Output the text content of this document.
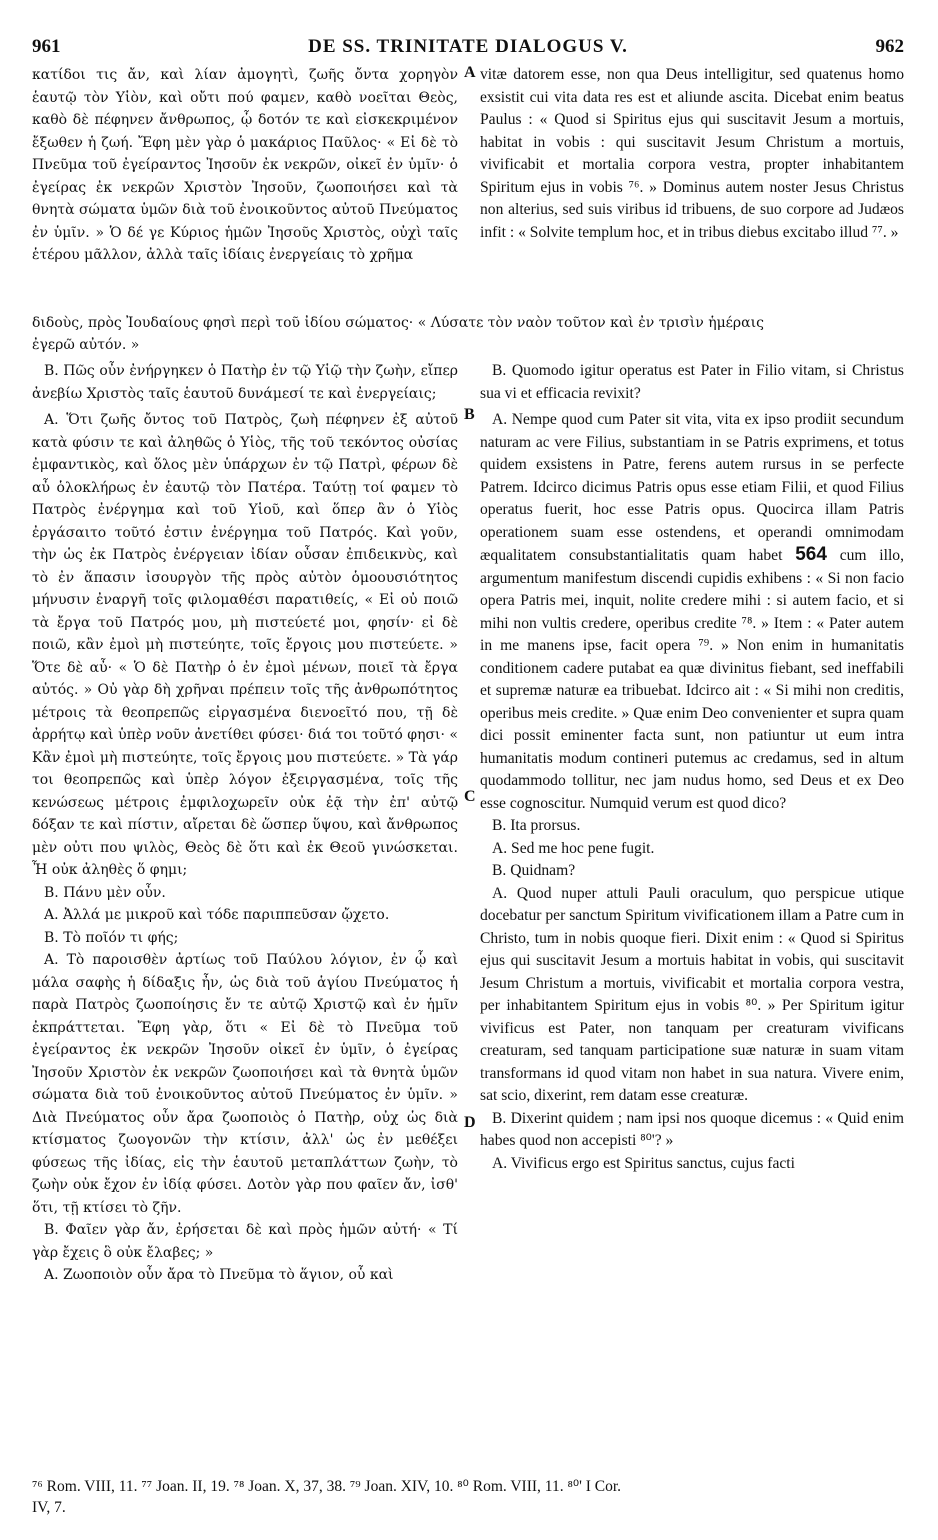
961	DE SS. TRINITATE DIALOGUS V.	962

κατίδοι τις ἄν, καὶ λίαν ἀμογητὶ, ζωῆς ὄντα χορηγὸν ἑαυτῷ τὸν Υἱὸν, καὶ οὔτι πού φαμεν, καθὸ νοεῖται Θεὸς, καθὸ δὲ πέφηνεν ἄνθρωπος, ᾧ δοτόν τε καὶ εἰσκεκριμένον ἔξωθεν ἡ ζωή. Ἔφη μὲν γὰρ ὁ μακάριος Παῦλος· « Εἰ δὲ τὸ Πνεῦμα τοῦ ἐγείραντος Ἰησοῦν ἐκ νεκρῶν, οἰκεῖ ἐν ὑμῖν· ὁ ἐγείρας ἐκ νεκρῶν Χριστὸν Ἰησοῦν, ζωοποιήσει καὶ τὰ θνητὰ σώματα ὑμῶν διὰ τοῦ ἐνοικοῦντος αὐτοῦ Πνεύματος ἐν ὑμῖν. » Ὁ δέ γε Κύριος ἡμῶν Ἰησοῦς Χριστὸς, οὐχὶ ταῖς ἑτέρου μᾶλλον, ἀλλὰ ταῖς ἰδίαις ἐνεργείαις τὸ χρῆμα

A vitæ datorem esse, non qua Deus intelligitur, sed quatenus homo exsistit cui vita data res est et aliunde ascita. Dicebat enim beatus Paulus : « Quod si Spiritus ejus qui suscitavit Jesum a mortuis, habitat in vobis : qui suscitavit Jesum Christum a mortuis, vivificabit et mortalia corpora vestra, propter inhabitantem Spiritum ejus in vobis ⁷⁶. » Dominus autem noster Jesus Christus non alterius, sed suis viribus id tribuens, de suo corpore ad Judæos infit : « Solvite templum hoc, et in tribus diebus excitabo illud ⁷⁷. »

διδοὺς, πρὸς Ἰουδαίους φησὶ περὶ τοῦ ἰδίου σώματος· « Λύσατε τὸν ναὸν τοῦτον καὶ ἐν τρισὶν ἡμέραις
ἐγερῶ αὐτόν. »
B
C
D

B. Πῶς οὖν ἐνήργηκεν ὁ Πατὴρ ἐν τῷ Υἱῷ τὴν ζωὴν, εἴπερ ἀνεβίω Χριστὸς ταῖς ἑαυτοῦ δυνάμεσί τε καὶ ἐνεργείαις;

A. Ὅτι ζωῆς ὄντος τοῦ Πατρὸς, ζωὴ πέφηνεν ἐξ αὐτοῦ κατὰ φύσιν τε καὶ ἀληθῶς ὁ Υἱὸς, τῆς τοῦ τεκόντος οὐσίας ἐμφαντικὸς, καὶ ὅλος μὲν ὑπάρχων ἐν τῷ Πατρὶ, φέρων δὲ αὖ ὁλοκλήρως ἐν ἑαυτῷ τὸν Πατέρα. Ταύτῃ τοί φαμεν τὸ Πατρὸς ἐνέργημα καὶ τοῦ Υἱοῦ, καὶ ὅπερ ἂν ὁ Υἱὸς ἐργάσαιτο τοῦτό ἐστιν ἐνέργημα τοῦ Πατρός. Καὶ γοῦν, τὴν ὡς ἐκ Πατρὸς ἐνέργειαν ἰδίαν οὖσαν ἐπιδεικνὺς, καὶ τὸ ἐν ἅπασιν ἰσουργὸν τῆς πρὸς αὐτὸν ὁμοουσιότητος μήνυσιν ἐναργῆ τοῖς φιλομαθέσι παρατιθείς, « Εἰ οὐ ποιῶ τὰ ἔργα τοῦ Πατρός μου, μὴ πιστεύετέ μοι, φησίν· εἰ δὲ ποιῶ, κἂν ἐμοὶ μὴ πιστεύητε, τοῖς ἔργοις μου πιστεύετε. » Ὅτε δὲ αὖ· « Ὁ δὲ Πατὴρ ὁ ἐν ἐμοὶ μένων, ποιεῖ τὰ ἔργα αὐτός. » Οὐ γὰρ δὴ χρῆναι πρέπειν τοῖς τῆς ἀνθρωπότητος μέτροις τὰ θεοπρεπῶς εἰργασμένα διενοεῖτό που, τῇ δὲ ἀρρήτῳ καὶ ὑπὲρ νοῦν ἀνετίθει φύσει· διά τοι τοῦτό φησι· « Κἂν ἐμοὶ μὴ πιστεύητε, τοῖς ἔργοις μου πιστεύετε. » Τὰ γάρ τοι θεοπρεπῶς καὶ ὑπὲρ λόγον ἐξειργασμένα, τοῖς τῆς κενώσεως μέτροις ἐμφιλοχωρεῖν οὐκ ἐᾷ τὴν ἐπ' αὐτῷ δόξαν τε καὶ πίστιν, αἴρεται δὲ ὥσπερ ὕψου, καὶ ἄνθρωπος μὲν οὐτι που ψιλὸς, Θεὸς δὲ ὅτι καὶ ἐκ Θεοῦ γινώσκεται. Ἦ οὐκ ἀληθὲς ὅ φημι;

B. Πάνυ μὲν οὖν.

A. Ἀλλά με μικροῦ καὶ τόδε παριππεῦσαν ᾤχετο.

B. Τὸ ποῖόν τι φής;

A. Τὸ παροισθὲν ἀρτίως τοῦ Παύλου λόγιον, ἐν ᾧ καὶ μάλα σαφὴς ἡ δίδαξις ἦν, ὡς διὰ τοῦ ἁγίου Πνεύματος ἡ παρὰ Πατρὸς ζωοποίησις ἔν τε αὐτῷ Χριστῷ καὶ ἐν ἡμῖν ἐκπράττεται. Ἔφη γὰρ, ὅτι « Εἰ δὲ τὸ Πνεῦμα τοῦ ἐγείραντος ἐκ νεκρῶν Ἰησοῦν οἰκεῖ ἐν ὑμῖν, ὁ ἐγείρας Ἰησοῦν Χριστὸν ἐκ νεκρῶν ζωοποιήσει καὶ τὰ θνητὰ ὑμῶν σώματα διὰ τοῦ ἐνοικοῦντος αὐτοῦ Πνεύματος ἐν ὑμῖν. » Διὰ Πνεύματος οὖν ἄρα ζωοποιὸς ὁ Πατὴρ, οὐχ ὡς διὰ κτίσματος ζωογονῶν τὴν κτίσιν, ἀλλ' ὡς ἐν μεθέξει φύσεως τῆς ἰδίας, εἰς τὴν ἑαυτοῦ μεταπλάττων ζωὴν, τὸ ζωὴν οὐκ ἔχον ἐν ἰδίᾳ φύσει. Δοτὸν γὰρ που φαῖεν ἄν, ἰσθ' ὅτι, τῇ κτίσει τὸ ζῆν.

B. Φαῖεν γὰρ ἄν, ἐρήσεται δὲ καὶ πρὸς ἡμῶν αὐτή· « Τί γὰρ ἔχεις ὃ οὐκ ἔλαβες; »

A. Ζωοποιὸν οὖν ἄρα τὸ Πνεῦμα τὸ ἅγιον, οὗ καὶ

B. Quomodo igitur operatus est Pater in Filio vitam, si Christus sua vi et efficacia revixit?

A. Nempe quod cum Pater sit vita, vita ex ipso prodiit secundum naturam ac vere Filius, substantiam in se Patris exprimens, et totus quidem exsistens in Patre, ferens autem rursus in se perfecte Patrem. Idcirco dicimus Patris opus esse etiam Filii, et quod Filius operatus fuerit, hoc esse Patris opus. Quocirca illam Patris operationem suam esse ostendens, et operandi omnimodam æqualitatem consubstantialitatis quam habet 564 cum illo, argumentum manifestum discendi cupidis exhibens : « Si non facio opera Patris mei, inquit, nolite credere mihi : si autem facio, et si mihi non vultis credere, operibus credite ⁷⁸. » Item : « Pater autem in me manens ipse, facit opera ⁷⁹. » Non enim in humanitatis conditionem cadere putabat ea quæ divinitus fiebant, sed ineffabili et supremæ naturæ ea tribuebat. Idcirco ait : « Si mihi non creditis, operibus meis credite. » Quæ enim Deo convenienter et supra quam dici possit eminenter facta sunt, non patiuntur ut eum intra humanitatis modum contineri putemus ac credamus, sed in altum quodammodo tollitur, nec jam nudus homo, sed Deus et ex Deo esse cognoscitur. Numquid verum est quod dico?

B. Ita prorsus.

A. Sed me hoc pene fugit.

B. Quidnam?

A. Quod nuper attuli Pauli oraculum, quo perspicue utique docebatur per sanctum Spiritum vivificationem illam a Patre cum in Christo, tum in nobis quoque fieri. Dixit enim : « Quod si Spiritus ejus qui suscitavit Jesum a mortuis habitat in vobis, qui suscitavit Jesum Christum a mortuis, vivificabit et mortalia corpora vestra, per inhabitantem Spiritum ejus in vobis ⁸⁰. » Per Spiritum igitur vivificus est Pater, non tanquam per creaturam vivificans creaturam, sed tanquam participatione suæ naturæ in suam vitam transformans id quod vitam non habet in sua natura. Vivere enim, sat scio, dixerint, rem datam esse creaturæ.

B. Dixerint quidem ; nam ipsi nos quoque dicemus : « Quid enim habes quod non accepisti ⁸⁰'? »

A. Vivificus ergo est Spiritus sanctus, cujus facti

⁷⁶ Rom. VIII, 11. ⁷⁷ Joan. II, 19. ⁷⁸ Joan. X, 37, 38. ⁷⁹ Joan. XIV, 10. ⁸⁰ Rom. VIII, 11. ⁸⁰' I Cor.
IV, 7.
